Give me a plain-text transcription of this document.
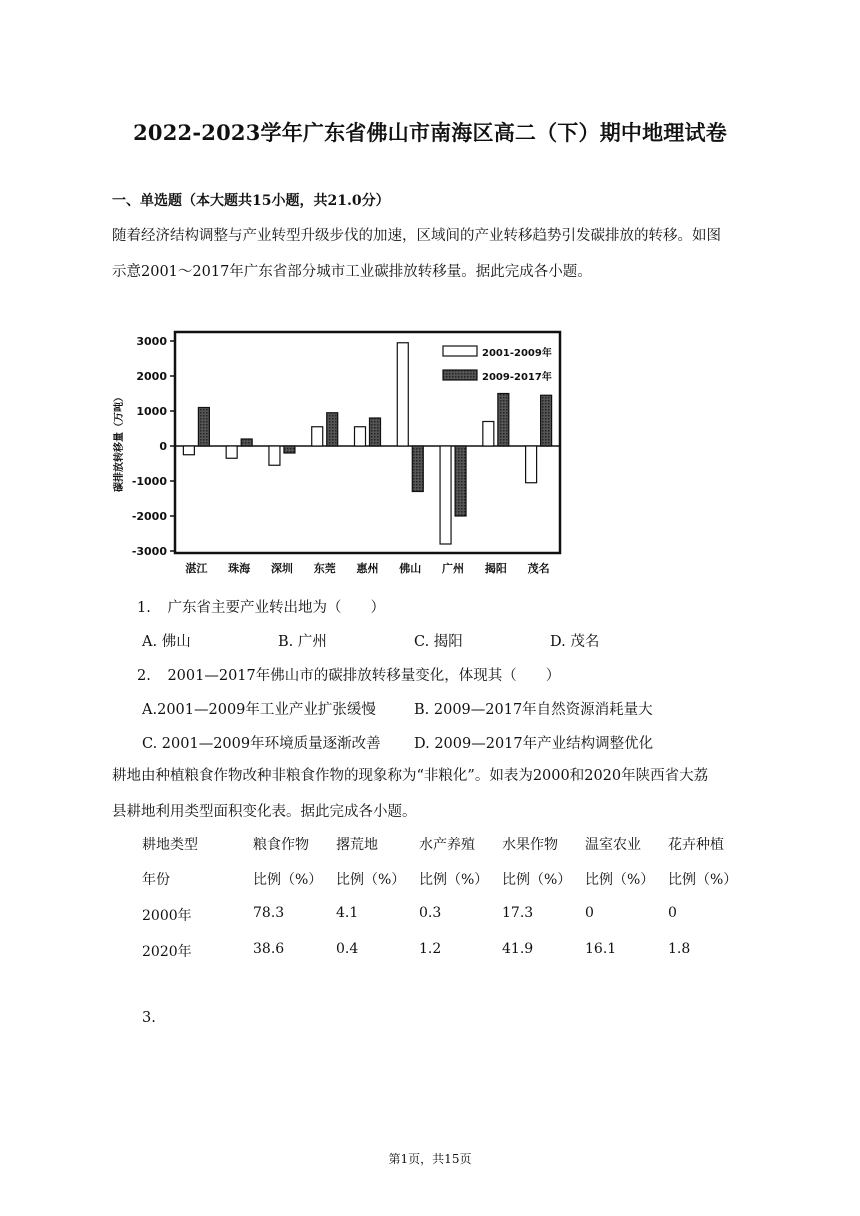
2022-2023学年广东省佛山市南海区高二（下）期中地理试卷
一、单选题（本大题共15小题，共21.0分）
随着经济结构调整与产业转型升级步伐的加速，区域间的产业转移趋势引发碳排放的转移。如图
示意2001～2017年广东省部分城市工业碳排放转移量。据此完成各小题。
3000
2000
1000
0
-1000
-2000
-3000
湛江 珠海 深圳 东莞 惠州 佛山 广州 揭阳 茂名
碳排放转移量（万吨）
2001-2009年
2009-2017年
1. 广东省主要产业转出地为（　　）
A. 佛山	B. 广州	C. 揭阳	D. 茂名
2. 2001—2017年佛山市的碳排放转移量变化，体现其（　　）
A.2001—2009年工业产业扩张缓慢	B. 2009—2017年自然资源消耗量大
C. 2001—2009年环境质量逐渐改善 D. 2009—2017年产业结构调整优化
耕地由种植粮食作物改种非粮食作物的现象称为“非粮化”。如表为2000和2020年陕西省大荔
县耕地利用类型面积变化表。据此完成各小题。
耕地类型	粮食作物 撂荒地	水产养殖 水果作物 温室农业 花卉种植
年份	比例（%） 比例（%） 比例（%） 比例（%） 比例（%） 比例（%）
2000年	78.3	4.1	0.3	17.3	0	0
2020年	38.6	0.4	1.2	41.9	16.1	1.8
3.
第1页，共15页
